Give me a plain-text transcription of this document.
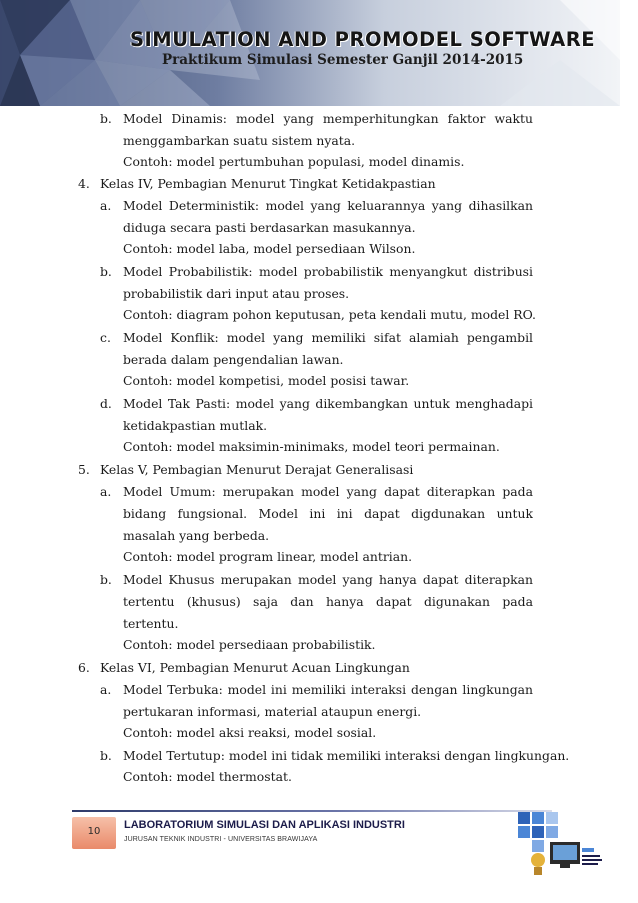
SIMULATION AND PROMODEL SOFTWARE
Praktikum Simulasi Semester Ganjil 2014-2015
b. Model Dinamis: model yang memperhitungkan faktor waktu
menggambarkan suatu sistem nyata.
Contoh: model pertumbuhan populasi, model dinamis.
4. Kelas IV, Pembagian Menurut Tingkat Ketidakpastian
a. Model Deterministik: model yang keluarannya yang dihasilkan
diduga secara pasti berdasarkan masukannya.
Contoh: model laba, model persediaan Wilson.
b. Model Probabilistik: model probabilistik menyangkut distribusi
probabilistik dari input atau proses.
Contoh: diagram pohon keputusan, peta kendali mutu, model RO.
c. Model Konflik: model yang memiliki sifat alamiah pengambil
berada dalam pengendalian lawan.
Contoh: model kompetisi, model posisi tawar.
d. Model Tak Pasti: model yang dikembangkan untuk menghadapi
ketidakpastian mutlak.
Contoh: model maksimin-minimaks, model teori permainan.
5. Kelas V, Pembagian Menurut Derajat Generalisasi
a. Model Umum: merupakan model yang dapat diterapkan pada
bidang fungsional. Model ini ini dapat digdunakan untuk
masalah yang berbeda.
Contoh: model program linear, model antrian.
b. Model Khusus merupakan model yang hanya dapat diterapkan
tertentu (khusus) saja dan hanya dapat digunakan pada
tertentu.
Contoh: model persediaan probabilistik.
6. Kelas VI, Pembagian Menurut Acuan Lingkungan
a. Model Terbuka: model ini memiliki interaksi dengan lingkungan
pertukaran informasi, material ataupun energi.
Contoh: model aksi reaksi, model sosial.
b. Model Tertutup: model ini tidak memiliki interaksi dengan lingkungan.
Contoh: model thermostat.
10
LABORATORIUM SIMULASI DAN APLIKASI INDUSTRI
JURUSAN TEKNIK INDUSTRI - UNIVERSITAS BRAWIJAYA
